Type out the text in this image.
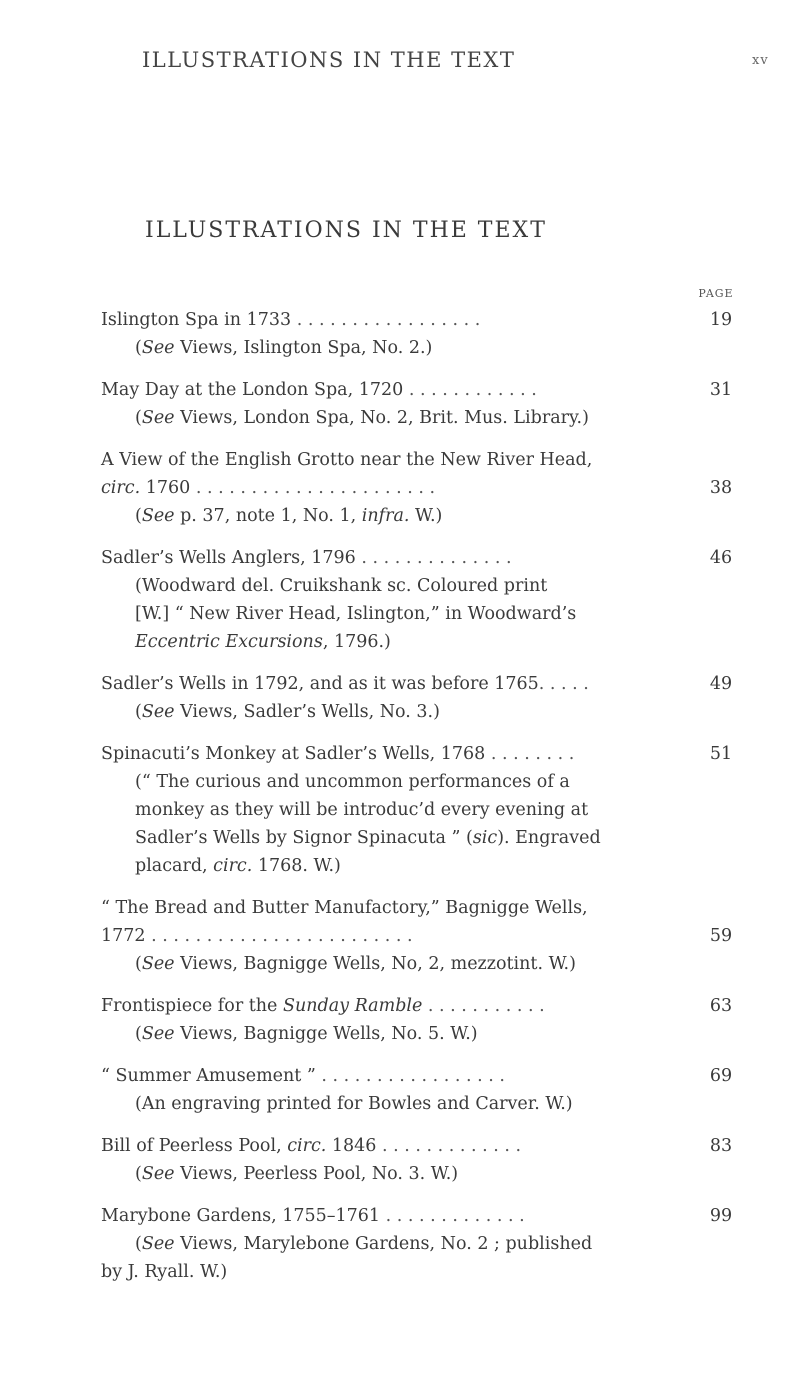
ILLUSTRATIONS IN THE TEXT	xv
ILLUSTRATIONS IN THE TEXT
PAGE
Islington Spa in 1733 . . . . . . . . . . . . . . . . .	19
(See Views, Islington Spa, No. 2.)
May Day at the London Spa, 1720 . . . . . . . . . . . .	31
(See Views, London Spa, No. 2, Brit. Mus. Library.)
A View of the English Grotto near the New River Head,
circ. 1760 . . . . . . . . . . . . . . . . . . . . . .	38
(See p. 37, note 1, No. 1, infra. W.)
Sadler’s Wells Anglers, 1796 . . . . . . . . . . . . . .	46
(Woodward del. Cruikshank sc. Coloured print
[W.] “ New River Head, Islington,” in Woodward’s
Eccentric Excursions, 1796.)
Sadler’s Wells in 1792, and as it was before 1765. . . . .	49
(See Views, Sadler’s Wells, No. 3.)
Spinacuti’s Monkey at Sadler’s Wells, 1768 . . . . . . . .	51
(“ The curious and uncommon performances of a
monkey as they will be introduc’d every evening at
Sadler’s Wells by Signor Spinacuta ” (sic). Engraved
placard, circ. 1768. W.)
“ The Bread and Butter Manufactory,” Bagnigge Wells,
1772 . . . . . . . . . . . . . . . . . . . . . . . .	59
(See Views, Bagnigge Wells, No, 2, mezzotint. W.)
Frontispiece for the Sunday Ramble . . . . . . . . . . .	63
(See Views, Bagnigge Wells, No. 5. W.)
“ Summer Amusement ” . . . . . . . . . . . . . . . . .	69
(An engraving printed for Bowles and Carver. W.)
Bill of Peerless Pool, circ. 1846 . . . . . . . . . . . . .	83
(See Views, Peerless Pool, No. 3. W.)
Marybone Gardens, 1755–1761 . . . . . . . . . . . . .	99
(See Views, Marylebone Gardens, No. 2 ; published
by J. Ryall. W.)
